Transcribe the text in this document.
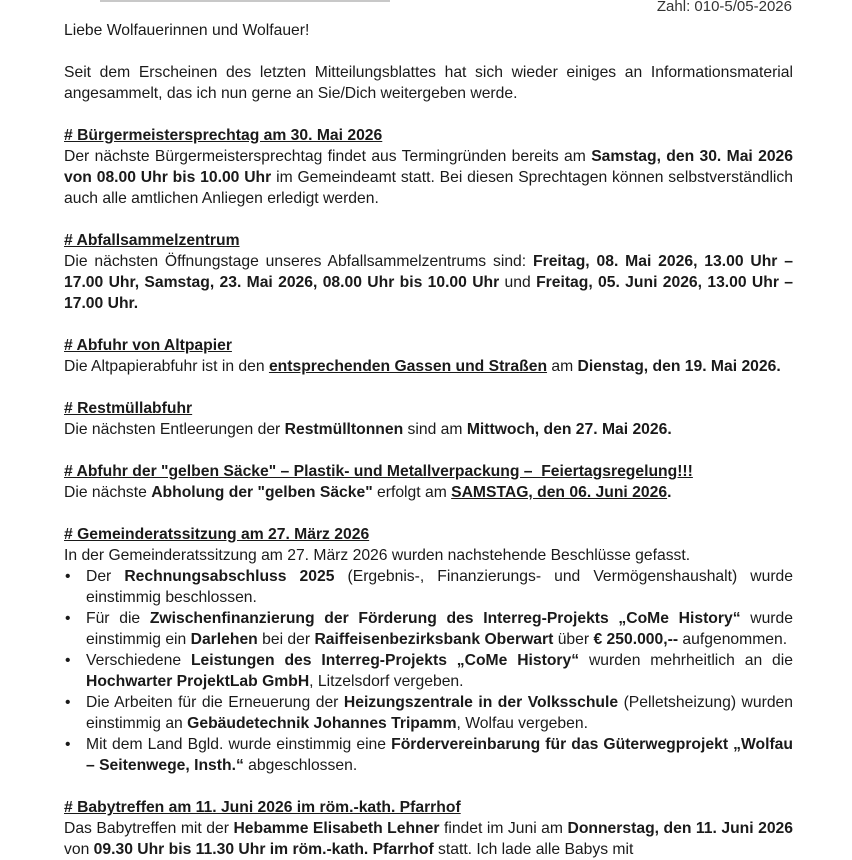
Zahl: 010-5/05-2026

Liebe Wolfauerinnen und Wolfauer!

Seit dem Erscheinen des letzten Mitteilungsblattes hat sich wieder einiges an Informationsmaterial angesammelt, das ich nun gerne an Sie/Dich weitergeben werde.

# Bürgermeistersprechtag am 30. Mai 2026

Der nächste Bürgermeistersprechtag findet aus Termingründen bereits am Samstag, den 30. Mai 2026 von 08.00 Uhr bis 10.00 Uhr im Gemeindeamt statt. Bei diesen Sprechtagen können selbstverständlich auch alle amtlichen Anliegen erledigt werden.

# Abfallsammelzentrum

Die nächsten Öffnungstage unseres Abfallsammelzentrums sind: Freitag, 08. Mai 2026, 13.00 Uhr – 17.00 Uhr, Samstag, 23. Mai 2026, 08.00 Uhr bis 10.00 Uhr und Freitag, 05. Juni 2026, 13.00 Uhr – 17.00 Uhr.

# Abfuhr von Altpapier

Die Altpapierabfuhr ist in den entsprechenden Gassen und Straßen am Dienstag, den 19. Mai 2026.

# Restmüllabfuhr

Die nächsten Entleerungen der Restmülltonnen sind am Mittwoch, den 27. Mai 2026.

# Abfuhr der "gelben Säcke" – Plastik- und Metallverpackung –  Feiertagsregelung!!!

Die nächste Abholung der "gelben Säcke" erfolgt am SAMSTAG, den 06. Juni 2026.

# Gemeinderatssitzung am 27. März 2026

In der Gemeinderatssitzung am 27. März 2026 wurden nachstehende Beschlüsse gefasst.

• Der Rechnungsabschluss 2025 (Ergebnis-, Finanzierungs- und Vermögenshaushalt) wurde einstimmig beschlossen.
• Für die Zwischenfinanzierung der Förderung des Interreg-Projekts „CoMe History“ wurde einstimmig ein Darlehen bei der Raiffeisenbezirksbank Oberwart über € 250.000,-- aufgenommen.
• Verschiedene Leistungen des Interreg-Projekts „CoMe History“ wurden mehrheitlich an die Hochwarter ProjektLab GmbH, Litzelsdorf vergeben.
• Die Arbeiten für die Erneuerung der Heizungszentrale in der Volksschule (Pelletsheizung) wurden einstimmig an Gebäudetechnik Johannes Tripamm, Wolfau vergeben.
• Mit dem Land Bgld. wurde einstimmig eine Fördervereinbarung für das Güterwegprojekt „Wolfau – Seitenwege, Insth.“ abgeschlossen.

# Babytreffen am 11. Juni 2026 im röm.-kath. Pfarrhof

Das Babytreffen mit der Hebamme Elisabeth Lehner findet im Juni am Donnerstag, den 11. Juni 2026 von 09.30 Uhr bis 11.30 Uhr im röm.-kath. Pfarrhof statt. Ich lade alle Babys mit
